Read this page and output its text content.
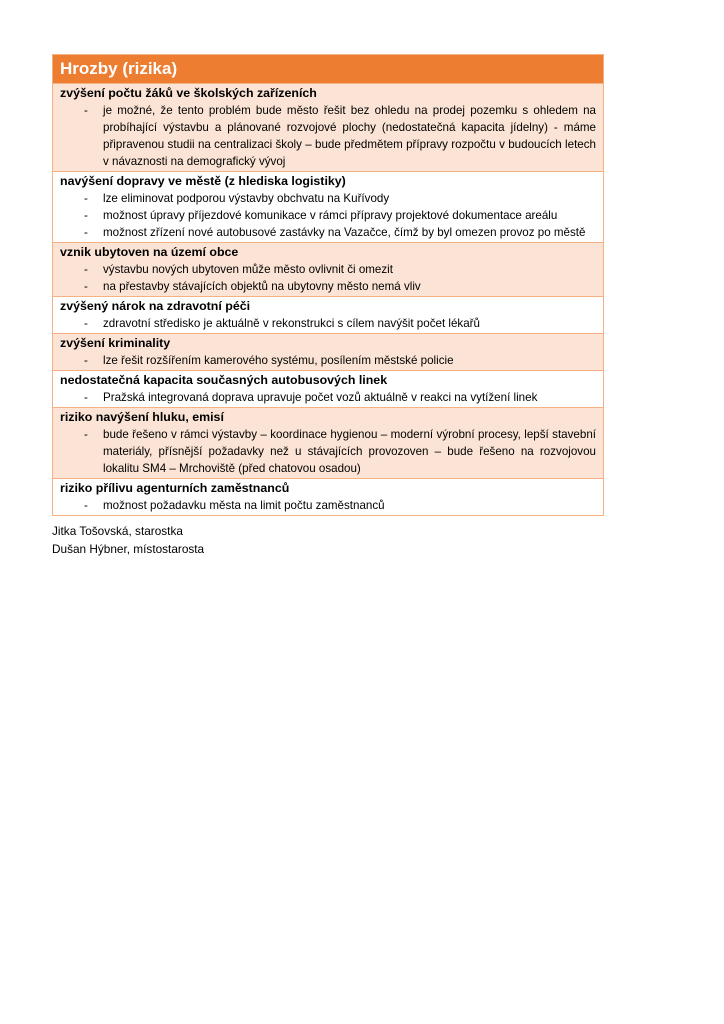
Hrozby (rizika)
zvýšení počtu žáků ve školských zařízeních
- je možné, že tento problém bude město řešit bez ohledu na prodej pozemku s ohledem na probíhající výstavbu a plánované rozvojové plochy (nedostatečná kapacita jídelny) - máme připravenou studii na centralizaci školy – bude předmětem přípravy rozpočtu v budoucích letech v návaznosti na demografický vývoj
navýšení dopravy ve městě (z hlediska logistiky)
- lze eliminovat podporou výstavby obchvatu na Kuřívody
- možnost úpravy příjezdové komunikace v rámci přípravy projektové dokumentace areálu
- možnost zřízení nové autobusové zastávky na Vazačce, čímž by byl omezen provoz po městě
vznik ubytoven na území obce
- výstavbu nových ubytoven může město ovlivnit či omezit
- na přestavby stávajících objektů na ubytovny město nemá vliv
zvýšený nárok na zdravotní péči
- zdravotní středisko je aktuálně v rekonstrukci s cílem navýšit počet lékařů
zvýšení kriminality
- lze řešit rozšířením kamerového systému, posílením městské policie
nedostatečná kapacita současných autobusových linek
- Pražská integrovaná doprava upravuje počet vozů aktuálně v reakci na vytížení linek
riziko navýšení hluku, emisí
- bude řešeno v rámci výstavby – koordinace hygienou – moderní výrobní procesy, lepší stavební materiály, přísnější požadavky než u stávajících provozoven – bude řešeno na rozvojovou lokalitu SM4 – Mrchoviště (před chatovou osadou)
riziko přílivu agenturních zaměstnanců
- možnost požadavku města na limit počtu zaměstnanců
Jitka Tošovská, starostka
Dušan Hýbner, místostarosta
